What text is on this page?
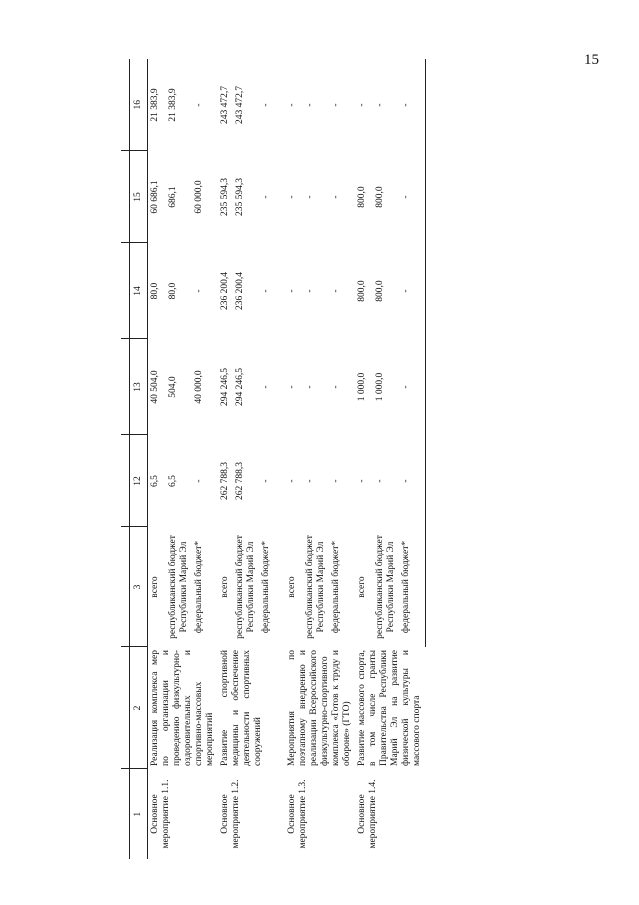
15

1	2	3	12	13	14	15	16
Основное мероприятие 1.1.	Реализация комплекса мер по организации и проведению физкультурно-оздоровительных и спортивно-массовых мероприятий	всего	6,5	40 504,0	80,0	60 686,1	21 383,9
		республиканский бюджет Республики Марий Эл	6,5	504,0	80,0	686,1	21 383,9
		федеральный бюджет*	-	40 000,0	-	60 000,0	-
Основное мероприятие 1.2.	Развитие спортивной медицины и обеспечение деятельности спортивных сооружений	всего	262 788,3	294 246,5	236 200,4	235 594,3	243 472,7
		республиканский бюджет Республики Марий Эл	262 788,3	294 246,5	236 200,4	235 594,3	243 472,7
		федеральный бюджет*	-	-	-	-	-
Основное мероприятие 1.3.	Мероприятия по поэтапному внедрению и реализации Всероссийского физкультурно-спортивного комплекса «Готов к труду и обороне» (ГТО)	всего	-	-	-	-	-
		республиканский бюджет Республики Марий Эл	-	-	-	-	-
		федеральный бюджет*	-	-	-	-	-
Основное мероприятие 1.4.	Развитие массового спорта, в том числе гранты Правительства Республики Марий Эл на развитие физической культуры и массового спорта	всего	-	1 000,0	800,0	800,0	-
		республиканский бюджет Республики Марий Эл	-	1 000,0	800,0	800,0	-
		федеральный бюджет*	-	-	-	-	-
